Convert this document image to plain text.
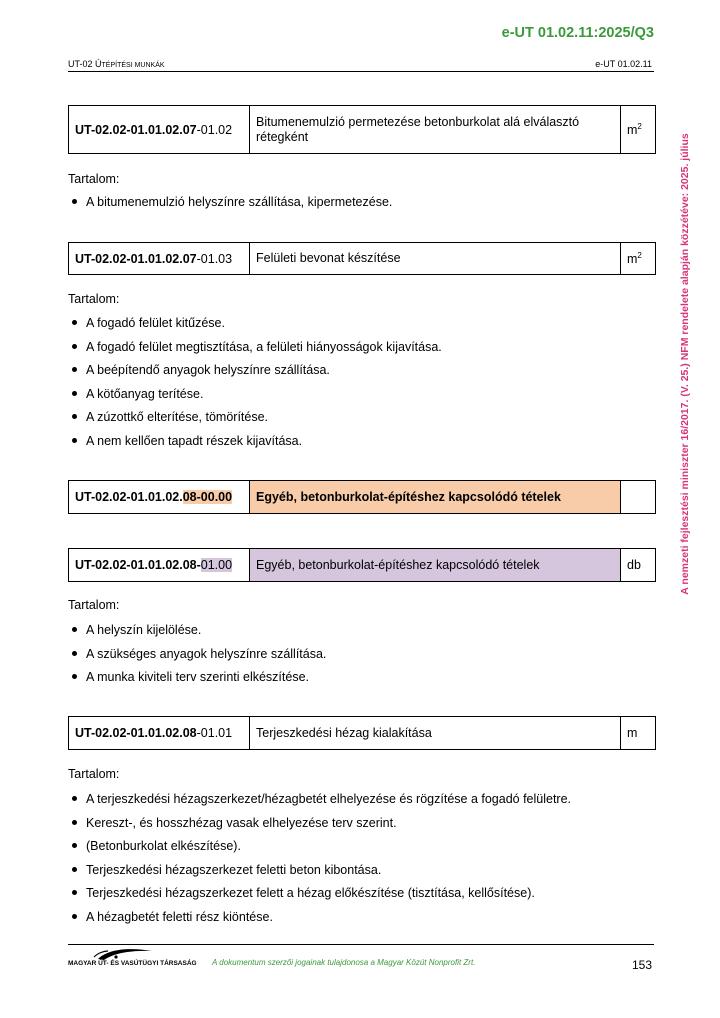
e-UT 01.02.11:2025/Q3
UT-02 ÚTÉPÍTÉSI MUNKÁK	e-UT 01.02.11
A nemzeti fejlesztési miniszter 16/2017. (V. 25.) NFM rendelete alapján közzétéve: 2025. július
UT-02.02-01.01.02.07-01.02	Bitumenemulzió permetezése betonburkolat alá elválasztó rétegként	$m^2$
Tartalom:
A bitumenemulzió helyszínre szállítása, kipermetezése.
UT-02.02-01.01.02.07-01.03	Felületi bevonat készítése	$m^2$
Tartalom:
A fogadó felület kitűzése.
A fogadó felület megtisztítása, a felületi hiányosságok kijavítása.
A beépítendő anyagok helyszínre szállítása.
A kötőanyag terítése.
A zúzottkő elterítése, tömörítése.
A nem kellően tapadt részek kijavítása.
UT-02.02-01.01.02.08-00.00	Egyéb, betonburkolat-építéshez kapcsolódó tételek	
UT-02.02-01.01.02.08-01.00	Egyéb, betonburkolat-építéshez kapcsolódó tételek	db
Tartalom:
A helyszín kijelölése.
A szükséges anyagok helyszínre szállítása.
A munka kiviteli terv szerinti elkészítése.
UT-02.02-01.01.02.08-01.01	Terjeszkedési hézag kialakítása	m
Tartalom:
A terjeszkedési hézagszerkezet/hézagbetét elhelyezése és rögzítése a fogadó felületre.
Kereszt-, és hosszhézag vasak elhelyezése terv szerint.
(Betonburkolat elkészítése).
Terjeszkedési hézagszerkezet feletti beton kibontása.
Terjeszkedési hézagszerkezet felett a hézag előkészítése (tisztítása, kellősítése).
A hézagbetét feletti rész kiöntése.
MAGYAR ÚT- ÉS VASÚTÜGYI TÁRSASÁG A dokumentum szerzői jogainak tulajdonosa a Magyar Közút Nonprofit Zrt.	153
